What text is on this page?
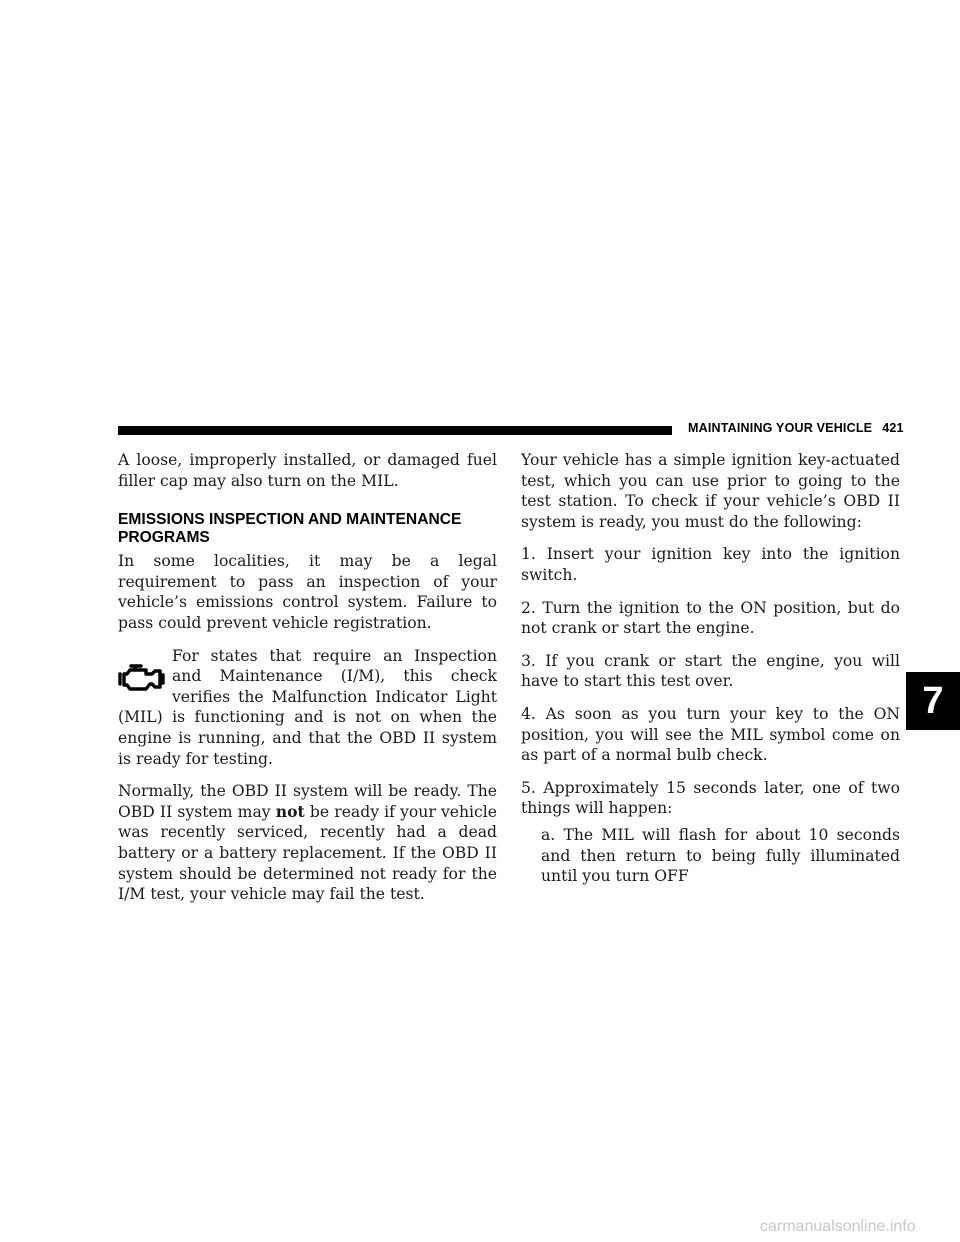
MAINTAINING YOUR VEHICLE 421

A loose, improperly installed, or damaged fuel filler cap may also turn on the MIL.

EMISSIONS INSPECTION AND MAINTENANCE PROGRAMS

In some localities, it may be a legal requirement to pass an inspection of your vehicle’s emissions control system. Failure to pass could prevent vehicle registration.

For states that require an Inspection and Maintenance (I/M), this check verifies the Malfunction Indicator Light (MIL) is functioning and is not on when the engine is running, and that the OBD II system is ready for testing.

Normally, the OBD II system will be ready. The OBD II system may not be ready if your vehicle was recently serviced, recently had a dead battery or a battery replacement. If the OBD II system should be determined not ready for the I/M test, your vehicle may fail the test.

Your vehicle has a simple ignition key-actuated test, which you can use prior to going to the test station. To check if your vehicle’s OBD II system is ready, you must do the following:

1. Insert your ignition key into the ignition switch.

2. Turn the ignition to the ON position, but do not crank or start the engine.

3. If you crank or start the engine, you will have to start this test over.

4. As soon as you turn your key to the ON position, you will see the MIL symbol come on as part of a normal bulb check.

5. Approximately 15 seconds later, one of two things will happen:

a. The MIL will flash for about 10 seconds and then return to being fully illuminated until you turn OFF

7
carmanualsonline.info
